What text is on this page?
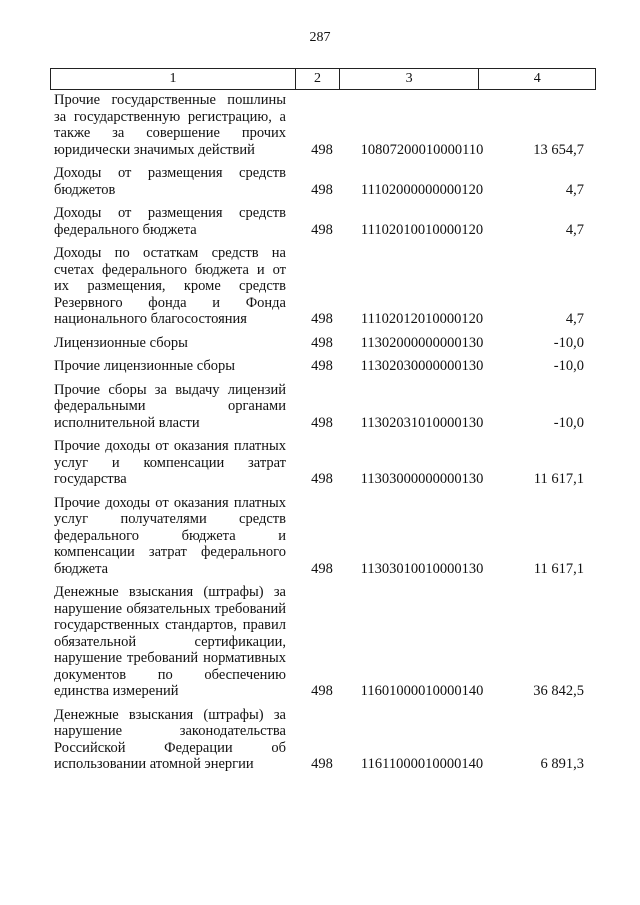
287
1	2	3	4
Прочие государственные пошлины за государственную регистрацию, а также за совершение прочих юридически значимых действий	498	10807200010000110	13 654,7
Доходы от размещения средств бюджетов	498	11102000000000120	4,7
Доходы от размещения средств федерального бюджета	498	11102010010000120	4,7
Доходы по остаткам средств на счетах федерального бюджета и от их размещения, кроме средств Резервного фонда и Фонда национального благосостояния	498	11102012010000120	4,7
Лицензионные сборы	498	11302000000000130	-10,0
Прочие лицензионные сборы	498	11302030000000130	-10,0
Прочие сборы за выдачу лицензий федеральными органами исполнительной власти	498	11302031010000130	-10,0
Прочие доходы от оказания платных услуг и компенсации затрат государства	498	11303000000000130	11 617,1
Прочие доходы от оказания платных услуг получателями средств федерального бюджета и компенсации затрат федерального бюджета	498	11303010010000130	11 617,1
Денежные взыскания (штрафы) за нарушение обязательных требований государственных стандартов, правил обязательной сертификации, нарушение требований нормативных документов по обеспечению единства измерений	498	11601000010000140	36 842,5
Денежные взыскания (штрафы) за нарушение законодательства Российской Федерации об использовании атомной энергии	498	11611000010000140	6 891,3
